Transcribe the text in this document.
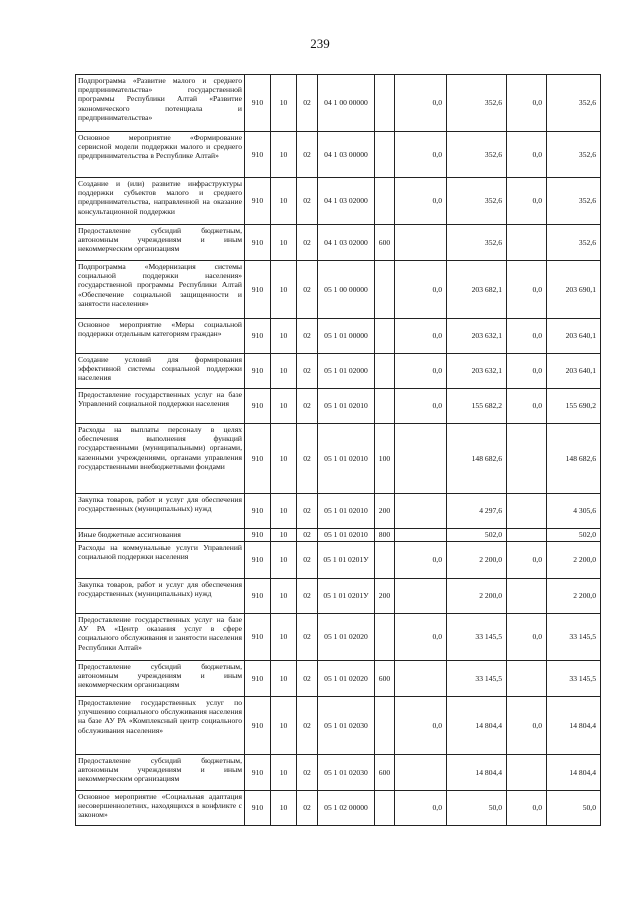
239
Подпрограмма «Развитие малого и среднего предпринимательства» государственной программы Республики Алтай «Развитие экономического потенциала и предпринимательства»	910	10	02	04 1 00 00000		0,0	352,6	0,0	352,6
Основное мероприятие «Формирование сервисной модели поддержки малого и среднего предпринимательства в Республике Алтай»	910	10	02	04 1 03 00000		0,0	352,6	0,0	352,6
Создание и (или) развитие инфраструктуры поддержки субъектов малого и среднего предпринимательства, направленной на оказание консультационной поддержки	910	10	02	04 1 03 02000		0,0	352,6	0,0	352,6
Предоставление субсидий бюджетным, автономным учреждениям и иным некоммерческим организациям	910	10	02	04 1 03 02000	600		352,6		352,6
Подпрограмма «Модернизация системы социальной поддержки населения» государственной программы Республики Алтай «Обеспечение социальной защищенности и занятости населения»	910	10	02	05 1 00 00000		0,0	203 682,1	0,0	203 690,1
Основное мероприятие «Меры социальной поддержки отдельным категориям граждан»	910	10	02	05 1 01 00000		0,0	203 632,1	0,0	203 640,1
Создание условий для формирования эффективной системы социальной поддержки населения	910	10	02	05 1 01 02000		0,0	203 632,1	0,0	203 640,1
Предоставление государственных услуг на базе Управлений социальной поддержки населения	910	10	02	05 1 01 02010		0,0	155 682,2	0,0	155 690,2
Расходы на выплаты персоналу в целях обеспечения выполнения функций государственными (муниципальными) органами, казенными учреждениями, органами управления государственными внебюджетными фондами	910	10	02	05 1 01 02010	100		148 682,6		148 682,6
Закупка товаров, работ и услуг для обеспечения государственных (муниципальных) нужд	910	10	02	05 1 01 02010	200		4 297,6		4 305,6
Иные бюджетные ассигнования	910	10	02	05 1 01 02010	800		502,0		502,0
Расходы на коммунальные услуги Управлений социальной поддержки населения	910	10	02	05 1 01 0201У		0,0	2 200,0	0,0	2 200,0
Закупка товаров, работ и услуг для обеспечения государственных (муниципальных) нужд	910	10	02	05 1 01 0201У	200		2 200,0		2 200,0
Предоставление государственных услуг на базе АУ РА «Центр оказания услуг в сфере социального обслуживания и занятости населения Республики Алтай»	910	10	02	05 1 01 02020		0,0	33 145,5	0,0	33 145,5
Предоставление субсидий бюджетным, автономным учреждениям и иным некоммерческим организациям	910	10	02	05 1 01 02020	600		33 145,5		33 145,5
Предоставление государственных услуг по улучшению социального обслуживания населения на базе АУ РА «Комплексный центр социального обслуживания населения»	910	10	02	05 1 01 02030		0,0	14 804,4	0,0	14 804,4
Предоставление субсидий бюджетным, автономным учреждениям и иным некоммерческим организациям	910	10	02	05 1 01 02030	600		14 804,4		14 804,4
Основное мероприятие «Социальная адаптация несовершеннолетних, находящихся в конфликте с законом»	910	10	02	05 1 02 00000		0,0	50,0	0,0	50,0
